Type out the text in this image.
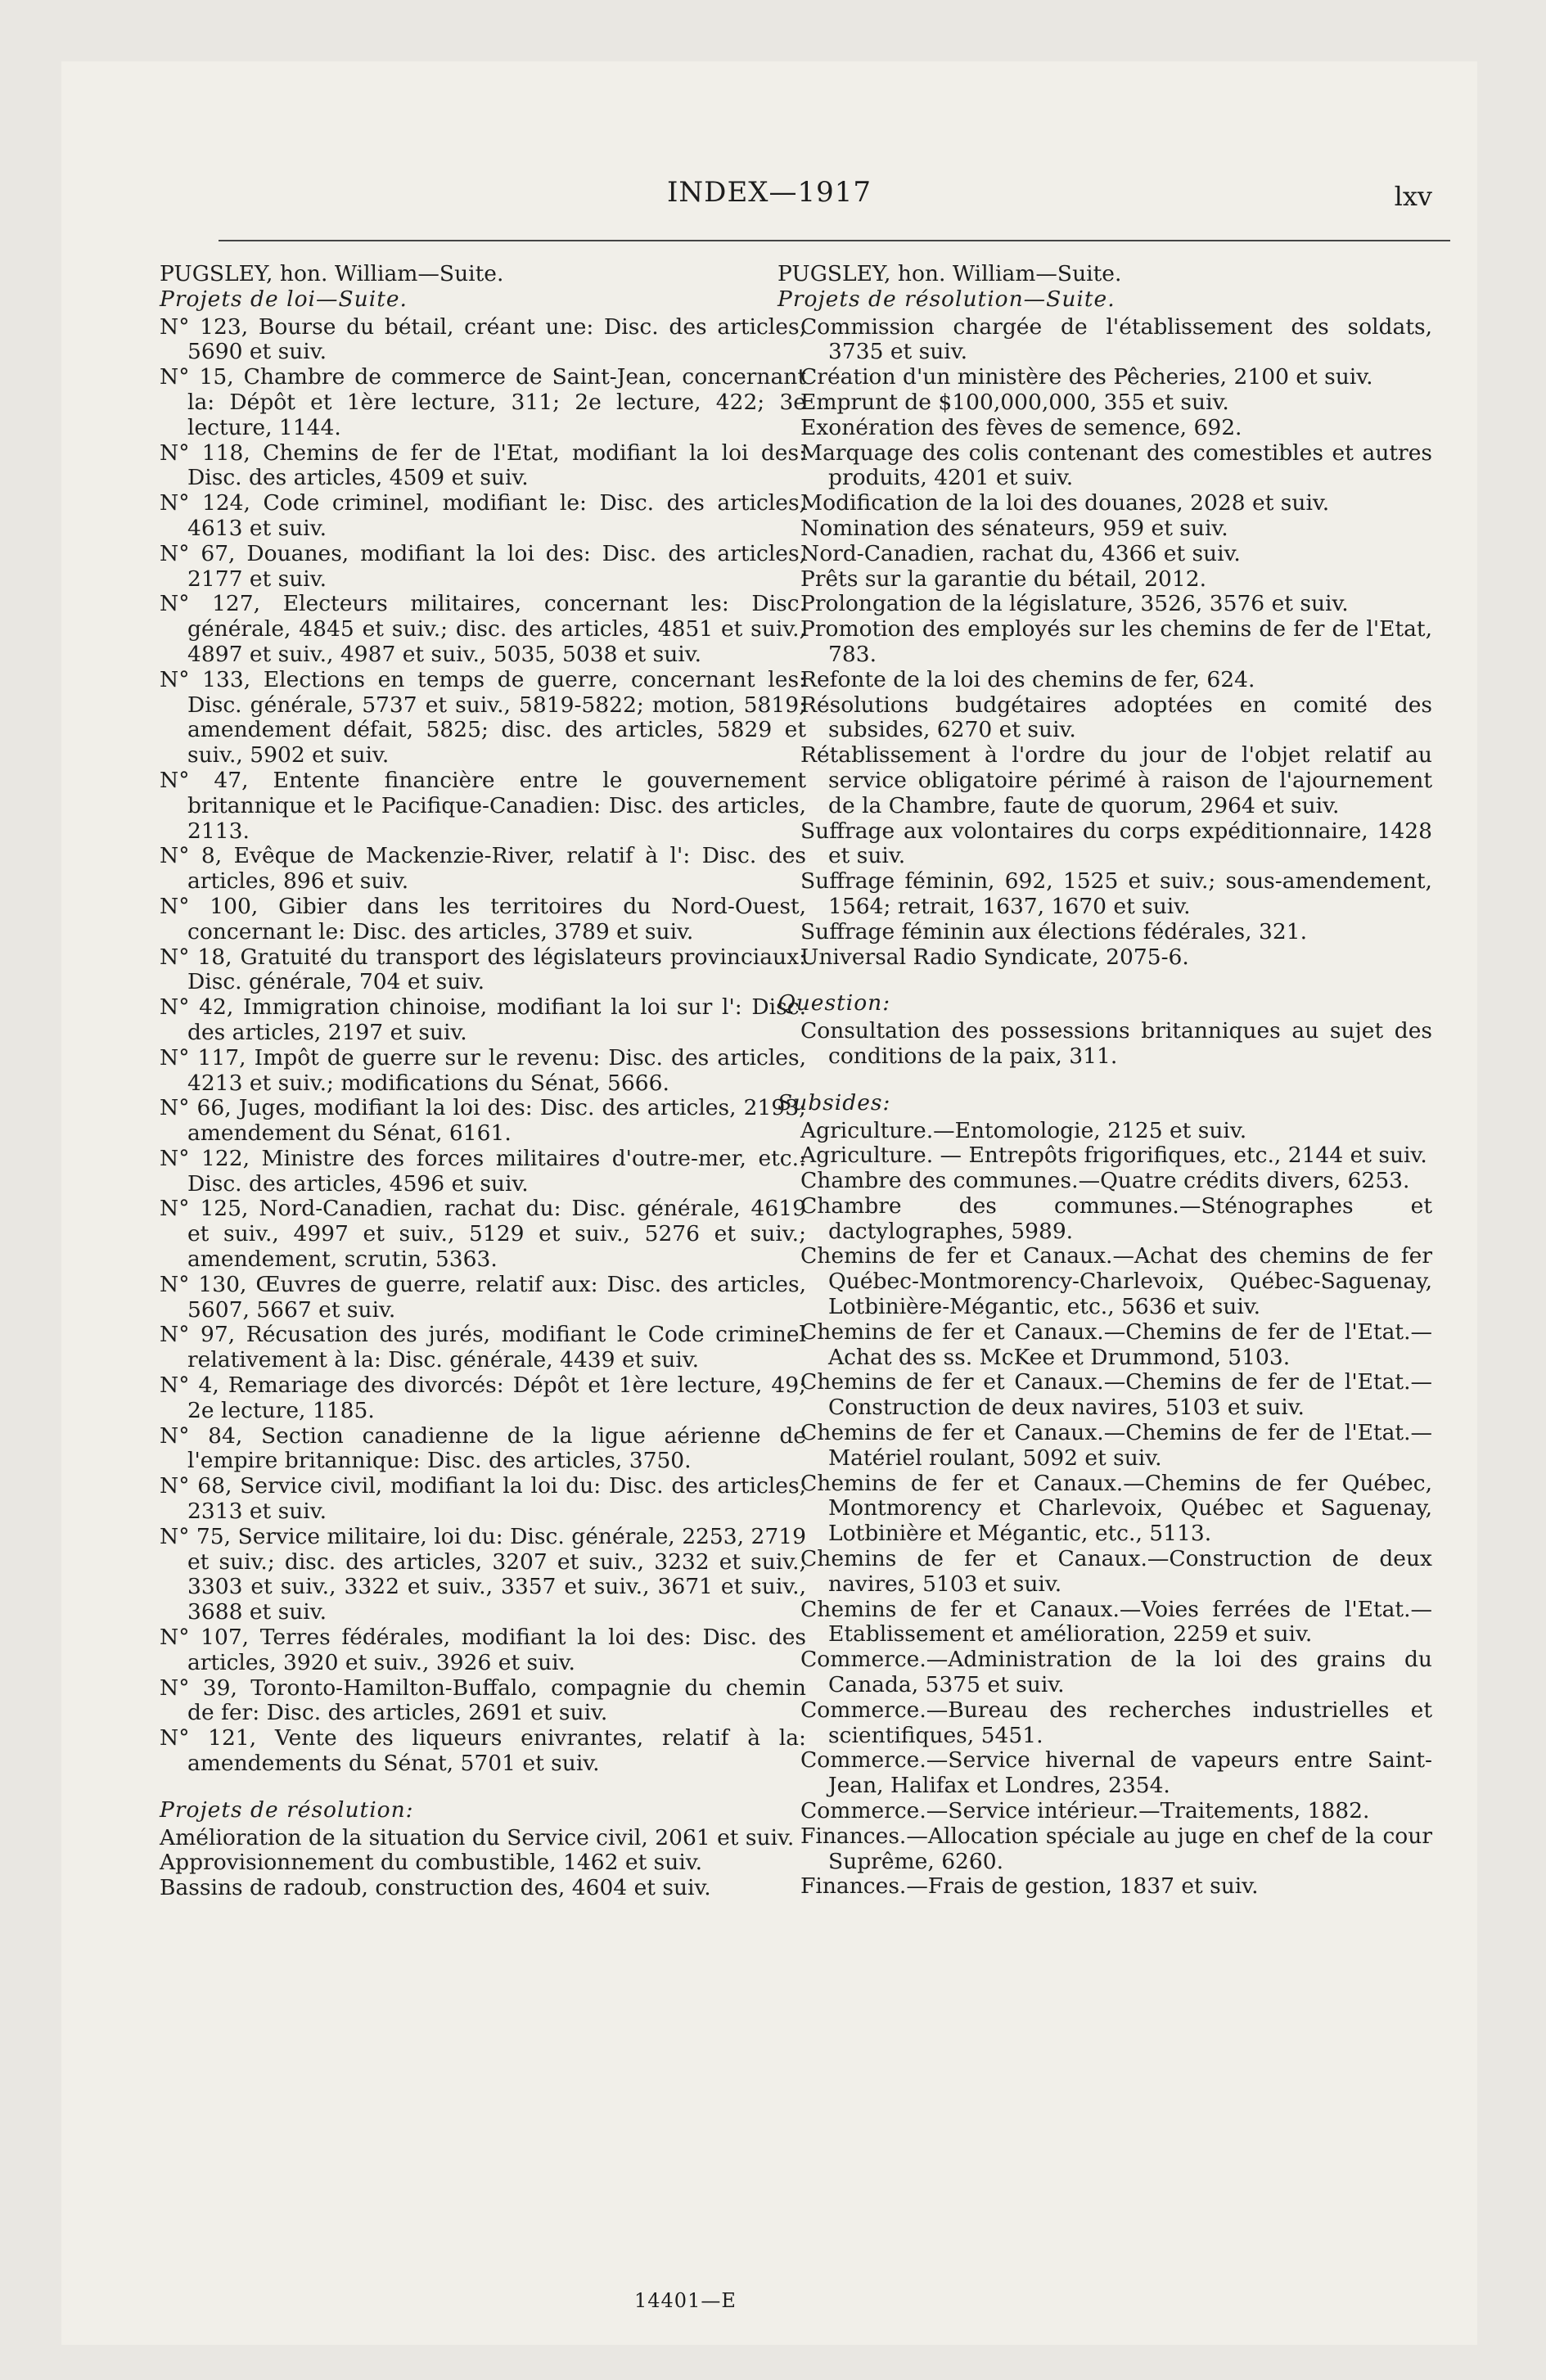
INDEX—1917	lxv

PUGSLEY, hon. William—Suite.

Projets de loi—Suite.

N° 123, Bourse du bétail, créant une: Disc. des articles, 5690 et suiv.

N° 15, Chambre de commerce de Saint-Jean, concernant la: Dépôt et 1ère lecture, 311; 2e lecture, 422; 3e lecture, 1144.

N° 118, Chemins de fer de l'Etat, modifiant la loi des: Disc. des articles, 4509 et suiv.

N° 124, Code criminel, modifiant le: Disc. des articles, 4613 et suiv.

N° 67, Douanes, modifiant la loi des: Disc. des articles, 2177 et suiv.

N° 127, Electeurs militaires, concernant les: Disc. générale, 4845 et suiv.; disc. des articles, 4851 et suiv., 4897 et suiv., 4987 et suiv., 5035, 5038 et suiv.

N° 133, Elections en temps de guerre, concernant les: Disc. générale, 5737 et suiv., 5819-5822; motion, 5819; amendement défait, 5825; disc. des articles, 5829 et suiv., 5902 et suiv.

N° 47, Entente financière entre le gouvernement britannique et le Pacifique-Canadien: Disc. des articles, 2113.

N° 8, Evêque de Mackenzie-River, relatif à l': Disc. des articles, 896 et suiv.

N° 100, Gibier dans les territoires du Nord-Ouest, concernant le: Disc. des articles, 3789 et suiv.

N° 18, Gratuité du transport des législateurs provinciaux: Disc. générale, 704 et suiv.

N° 42, Immigration chinoise, modifiant la loi sur l': Disc. des articles, 2197 et suiv.

N° 117, Impôt de guerre sur le revenu: Disc. des articles, 4213 et suiv.; modifications du Sénat, 5666.

N° 66, Juges, modifiant la loi des: Disc. des articles, 2193; amendement du Sénat, 6161.

N° 122, Ministre des forces militaires d'outre-mer, etc.: Disc. des articles, 4596 et suiv.

N° 125, Nord-Canadien, rachat du: Disc. générale, 4619 et suiv., 4997 et suiv., 5129 et suiv., 5276 et suiv.; amendement, scrutin, 5363.

N° 130, Œuvres de guerre, relatif aux: Disc. des articles, 5607, 5667 et suiv.

N° 97, Récusation des jurés, modifiant le Code criminel relativement à la: Disc. générale, 4439 et suiv.

N° 4, Remariage des divorcés: Dépôt et 1ère lecture, 49; 2e lecture, 1185.

N° 84, Section canadienne de la ligue aérienne de l'empire britannique: Disc. des articles, 3750.

N° 68, Service civil, modifiant la loi du: Disc. des articles, 2313 et suiv.

N° 75, Service militaire, loi du: Disc. générale, 2253, 2719 et suiv.; disc. des articles, 3207 et suiv., 3232 et suiv., 3303 et suiv., 3322 et suiv., 3357 et suiv., 3671 et suiv., 3688 et suiv.

N° 107, Terres fédérales, modifiant la loi des: Disc. des articles, 3920 et suiv., 3926 et suiv.

N° 39, Toronto-Hamilton-Buffalo, compagnie du chemin de fer: Disc. des articles, 2691 et suiv.

N° 121, Vente des liqueurs enivrantes, relatif à la: amendements du Sénat, 5701 et suiv.

Projets de résolution:

Amélioration de la situation du Service civil, 2061 et suiv.

Approvisionnement du combustible, 1462 et suiv.

Bassins de radoub, construction des, 4604 et suiv.

PUGSLEY, hon. William—Suite.

Projets de résolution—Suite.

Commission chargée de l'établissement des soldats, 3735 et suiv.

Création d'un ministère des Pêcheries, 2100 et suiv.

Emprunt de $100,000,000, 355 et suiv.

Exonération des fèves de semence, 692.

Marquage des colis contenant des comestibles et autres produits, 4201 et suiv.

Modification de la loi des douanes, 2028 et suiv.

Nomination des sénateurs, 959 et suiv.

Nord-Canadien, rachat du, 4366 et suiv.

Prêts sur la garantie du bétail, 2012.

Prolongation de la législature, 3526, 3576 et suiv.

Promotion des employés sur les chemins de fer de l'Etat, 783.

Refonte de la loi des chemins de fer, 624.

Résolutions budgétaires adoptées en comité des subsides, 6270 et suiv.

Rétablissement à l'ordre du jour de l'objet relatif au service obligatoire périmé à raison de l'ajournement de la Chambre, faute de quorum, 2964 et suiv.

Suffrage aux volontaires du corps expéditionnaire, 1428 et suiv.

Suffrage féminin, 692, 1525 et suiv.; sous-amendement, 1564; retrait, 1637, 1670 et suiv.

Suffrage féminin aux élections fédérales, 321.

Universal Radio Syndicate, 2075-6.

Question:

Consultation des possessions britanniques au sujet des conditions de la paix, 311.

Subsides:

Agriculture.—Entomologie, 2125 et suiv.

Agriculture. — Entrepôts frigorifiques, etc., 2144 et suiv.

Chambre des communes.—Quatre crédits divers, 6253.

Chambre des communes.—Sténographes et dactylographes, 5989.

Chemins de fer et Canaux.—Achat des chemins de fer Québec-Montmorency-Charlevoix, Québec-Saguenay, Lotbinière-Mégantic, etc., 5636 et suiv.

Chemins de fer et Canaux.—Chemins de fer de l'Etat.—Achat des ss. McKee et Drummond, 5103.

Chemins de fer et Canaux.—Chemins de fer de l'Etat.—Construction de deux navires, 5103 et suiv.

Chemins de fer et Canaux.—Chemins de fer de l'Etat.—Matériel roulant, 5092 et suiv.

Chemins de fer et Canaux.—Chemins de fer Québec, Montmorency et Charlevoix, Québec et Saguenay, Lotbinière et Mégantic, etc., 5113.

Chemins de fer et Canaux.—Construction de deux navires, 5103 et suiv.

Chemins de fer et Canaux.—Voies ferrées de l'Etat.—Etablissement et amélioration, 2259 et suiv.

Commerce.—Administration de la loi des grains du Canada, 5375 et suiv.

Commerce.—Bureau des recherches industrielles et scientifiques, 5451.

Commerce.—Service hivernal de vapeurs entre Saint-Jean, Halifax et Londres, 2354.

Commerce.—Service intérieur.—Traitements, 1882.

Finances.—Allocation spéciale au juge en chef de la cour Suprême, 6260.

Finances.—Frais de gestion, 1837 et suiv.

14401—E
